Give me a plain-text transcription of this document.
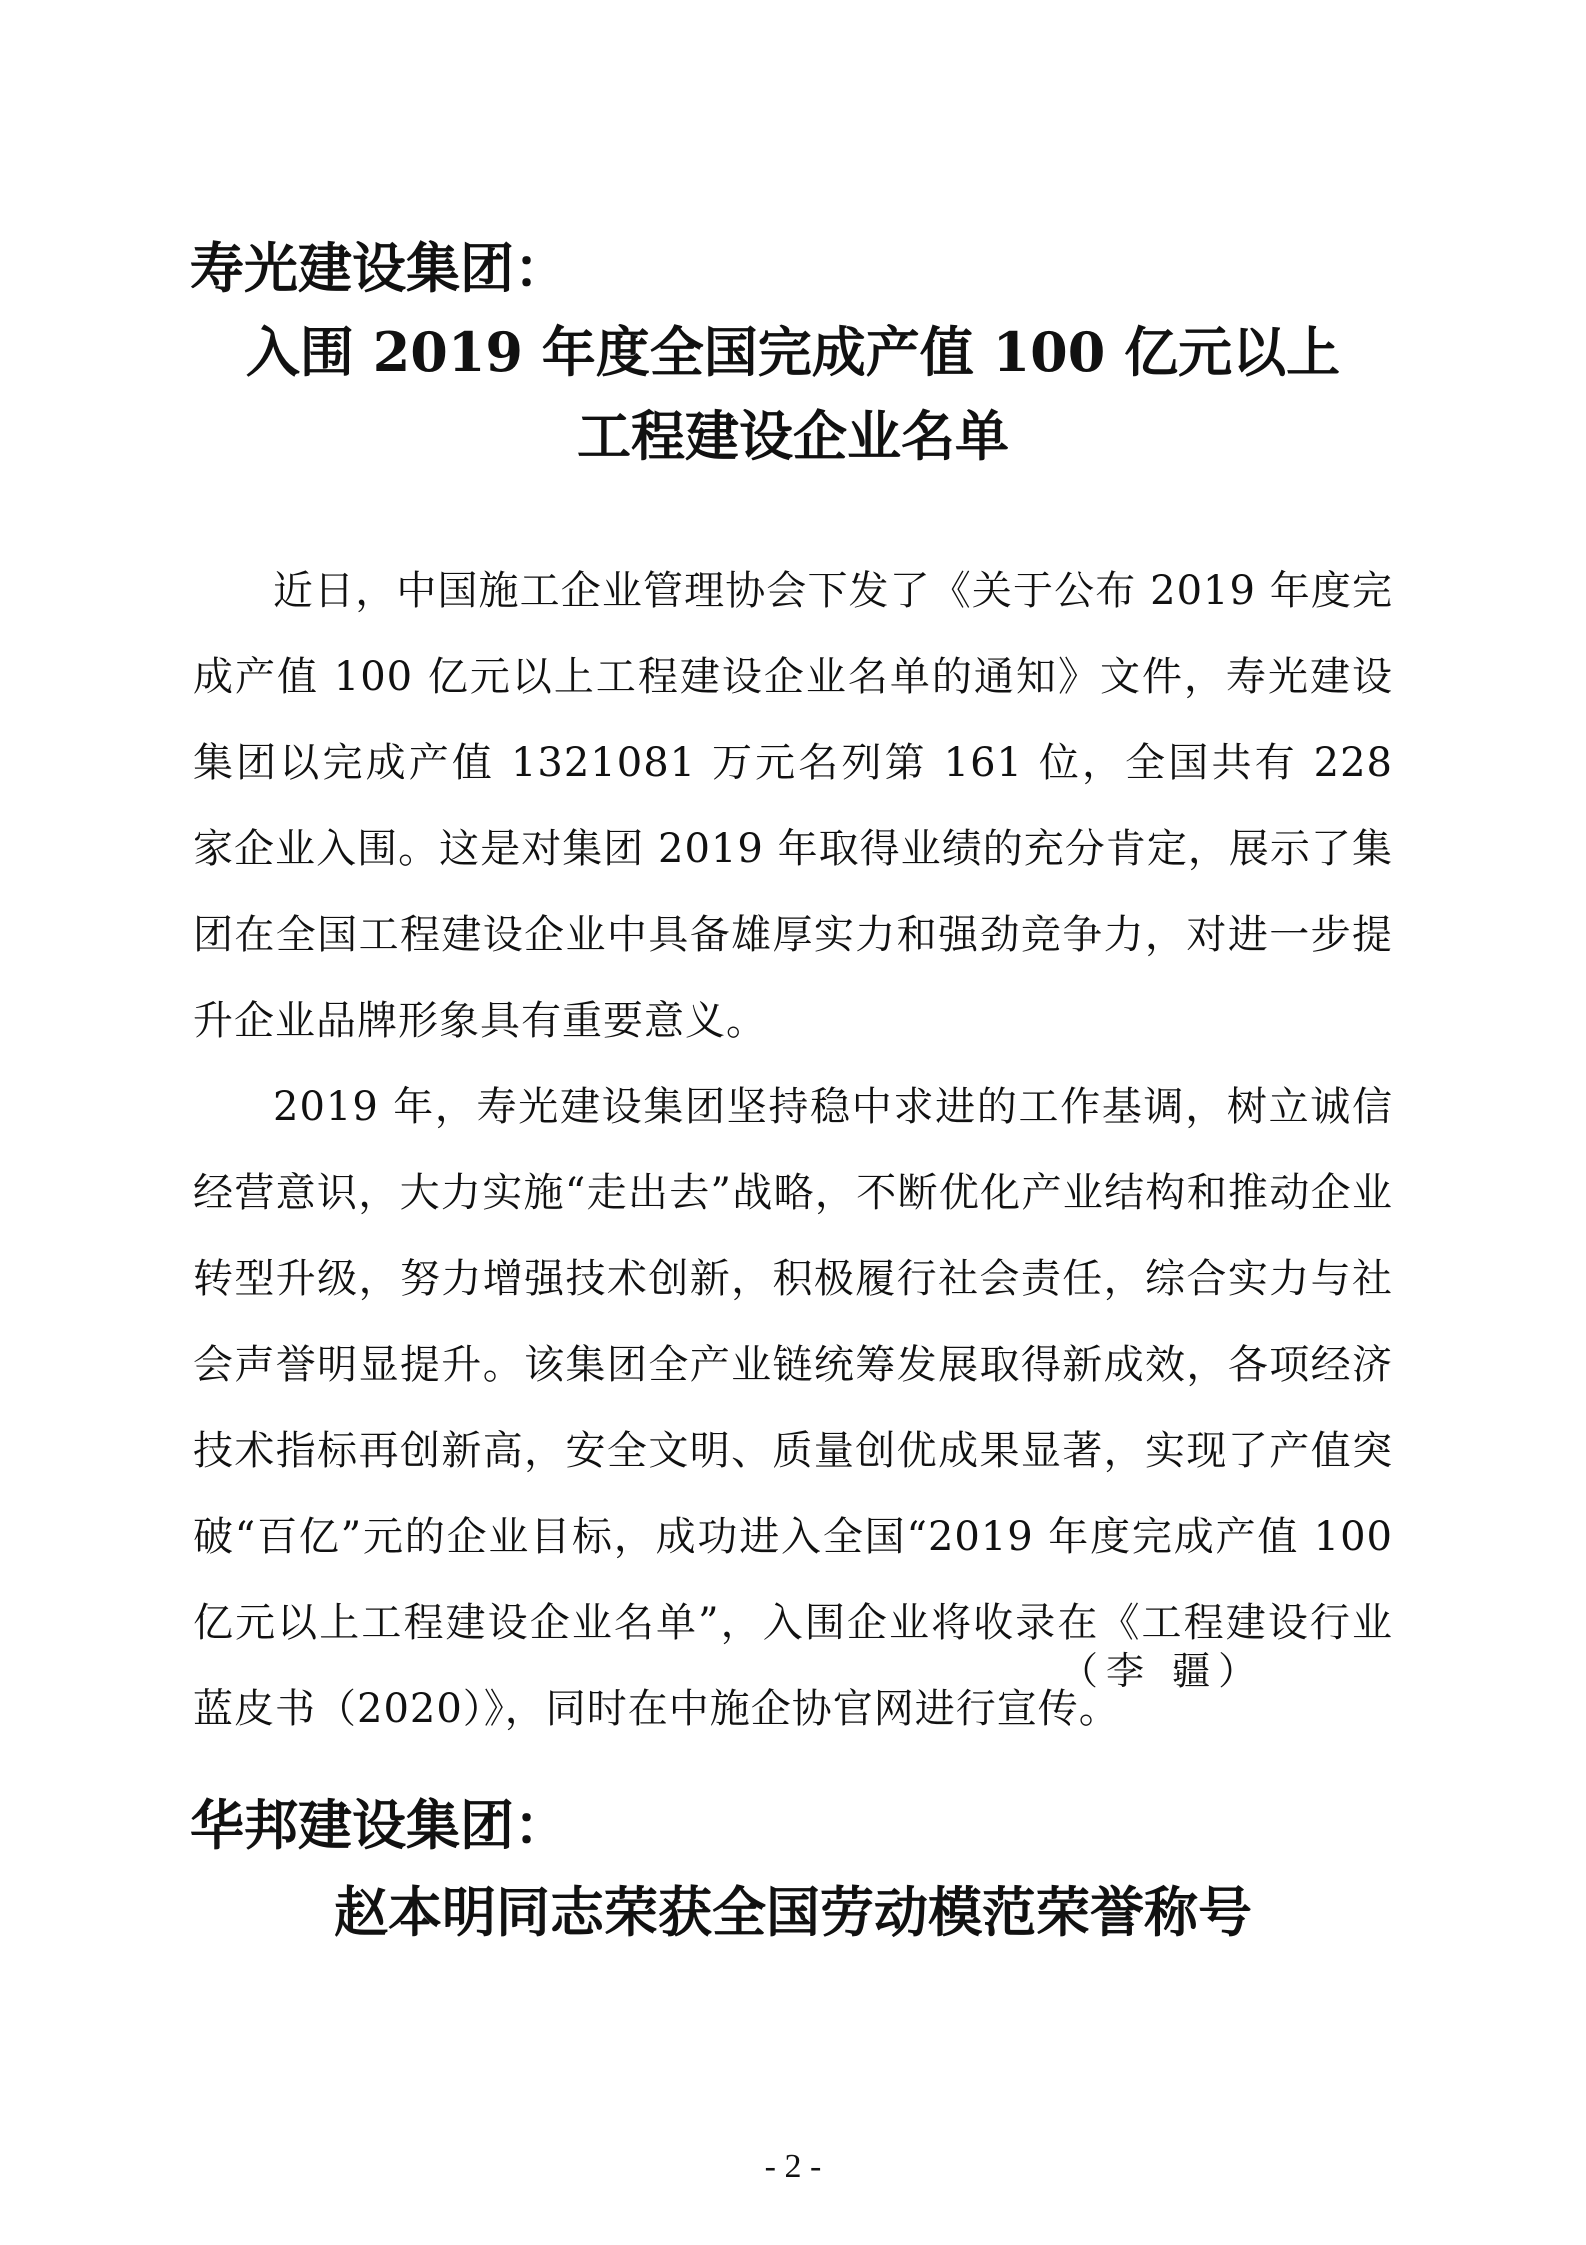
寿光建设集团：
入围 2019 年度全国完成产值 100 亿元以上
工程建设企业名单

近日，中国施工企业管理协会下发了《关于公布 2019 年度完成产值 100 亿元以上工程建设企业名单的通知》文件，寿光建设集团以完成产值 1321081 万元名列第 161 位，全国共有 228 家企业入围。这是对集团 2019 年取得业绩的充分肯定，展示了集团在全国工程建设企业中具备雄厚实力和强劲竞争力，对进一步提升企业品牌形象具有重要意义。

2019 年，寿光建设集团坚持稳中求进的工作基调，树立诚信经营意识，大力实施“走出去”战略，不断优化产业结构和推动企业转型升级，努力增强技术创新，积极履行社会责任，综合实力与社会声誉明显提升。该集团全产业链统筹发展取得新成效，各项经济技术指标再创新高，安全文明、质量创优成果显著，实现了产值突破“百亿”元的企业目标，成功进入全国“2019 年度完成产值 100 亿元以上工程建设企业名单”，入围企业将收录在《工程建设行业蓝皮书（2020）》，同时在中施企协官网进行宣传。

（李 疆）
华邦建设集团：
赵本明同志荣获全国劳动模范荣誉称号
- 2 -
